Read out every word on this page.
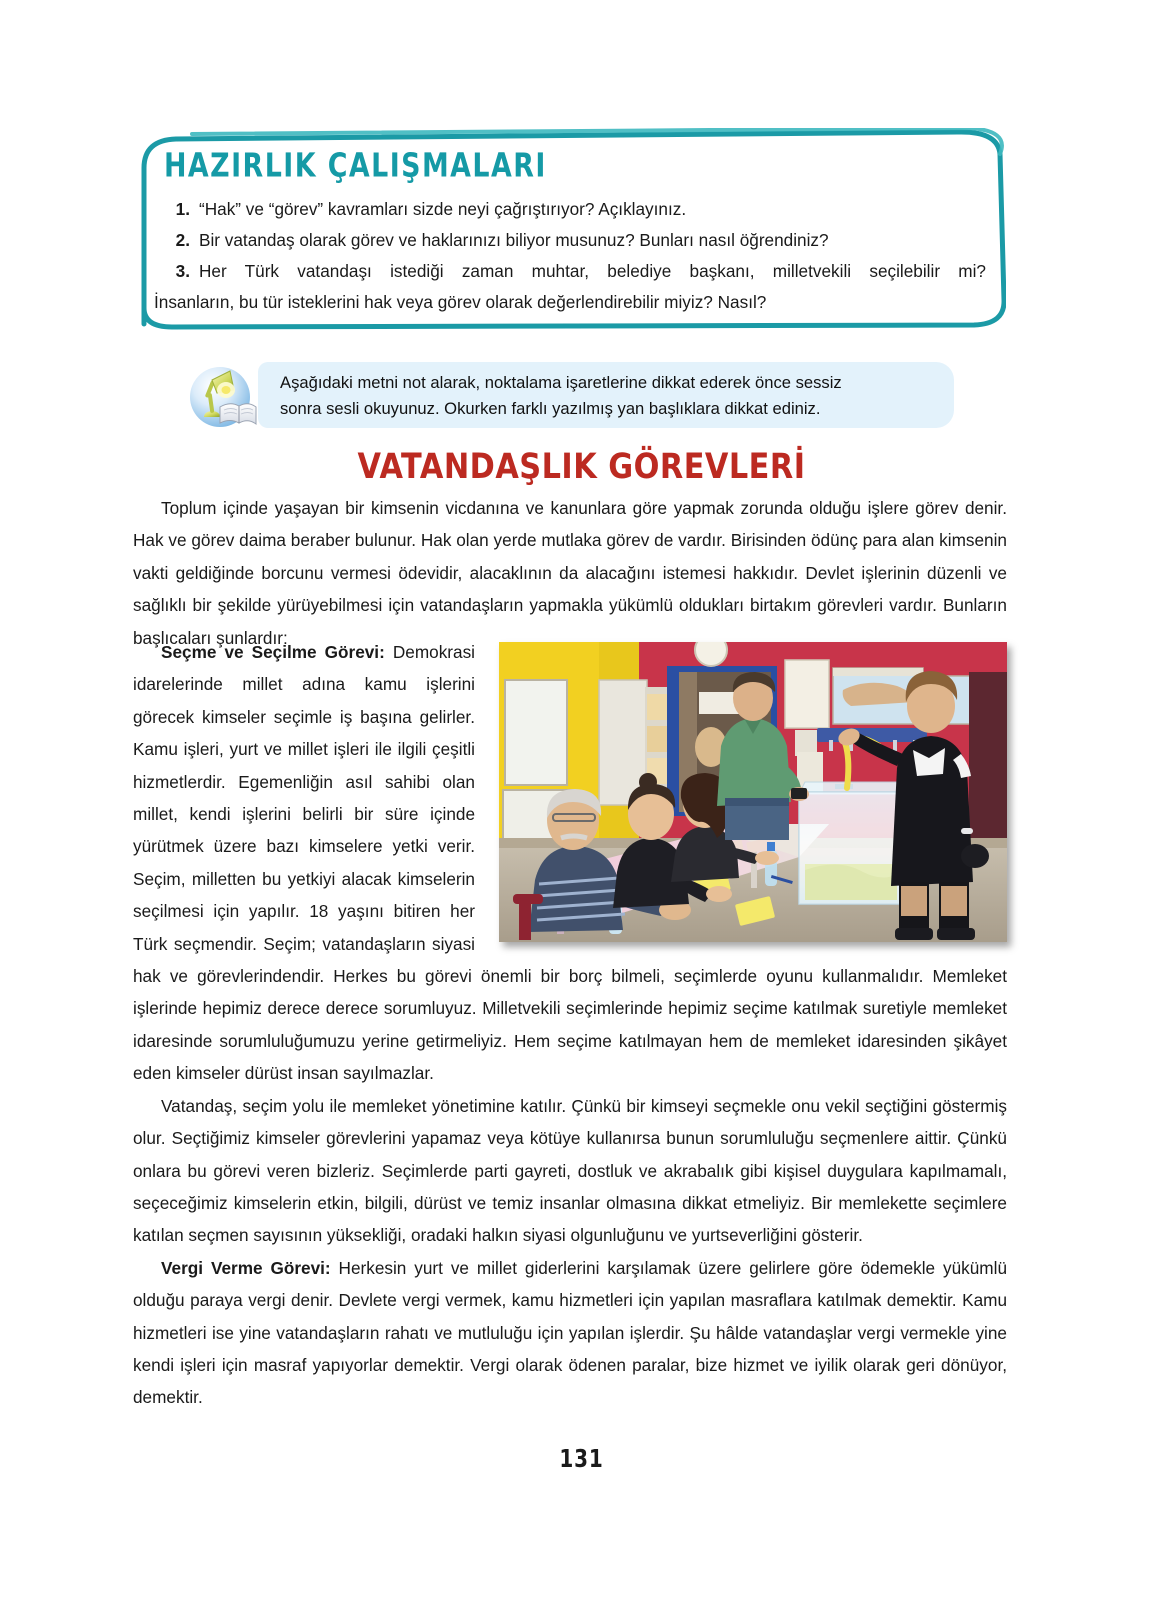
HAZIRLIK ÇALIŞMALARI
1. “Hak” ve “görev” kavramları sizde neyi çağrıştırıyor? Açıklayınız.
2. Bir vatandaş olarak görev ve haklarınızı biliyor musunuz? Bunları nasıl öğrendiniz?
3. Her Türk vatandaşı istediği zaman muhtar, belediye başkanı, milletvekili seçilebilir mi?
İnsanların, bu tür isteklerini hak veya görev olarak değerlendirebilir miyiz? Nasıl?
Aşağıdaki metni not alarak, noktalama işaretlerine dikkat ederek önce sessiz
sonra sesli okuyunuz. Okurken farklı yazılmış yan başlıklara dikkat ediniz.
VATANDAŞLIK GÖREVLERİ

Toplum içinde yaşayan bir kimsenin vicdanına ve kanunlara göre yapmak zorunda olduğu işlere görev denir. Hak ve görev daima beraber bulunur. Hak olan yerde mutlaka görev de vardır. Birisinden ödünç para alan kimsenin vakti geldiğinde borcunu vermesi ödevidir, alacaklının da alacağını istemesi hakkıdır. Devlet işlerinin düzenli ve sağlıklı bir şekilde yürüyebilmesi için vatandaşların yapmakla yükümlü oldukları birtakım görevleri vardır. Bunların başlıcaları şunlardır:

Seçme ve Seçilme Görevi: Demokrasi idarelerinde millet adına kamu işlerini görecek kimseler seçimle iş başına gelirler. Kamu işleri, yurt ve millet işleri ile ilgili çeşitli hizmetlerdir. Egemenliğin asıl sahibi olan millet, kendi işlerini belirli bir süre içinde yürütmek üzere bazı kimselere yetki verir. Seçim, milletten bu yetkiyi alacak kimselerin seçilmesi için yapılır. 18 yaşını bitiren her Türk seçmendir. Seçim; vatandaşların siyasi hak ve görevlerindendir. Herkes bu görevi önemli bir borç bilmeli, seçimlerde oyunu kullanmalıdır. Memleket işlerinde hepimiz derece derece sorumluyuz. Milletvekili seçimlerinde hepimiz seçime katılmak suretiyle memleket idaresinde sorumluluğumuzu yerine getirmeliyiz. Hem seçime katılmayan hem de memleket idaresinden şikâyet eden kimseler dürüst insan sayılmazlar.

Vatandaş, seçim yolu ile memleket yönetimine katılır. Çünkü bir kimseyi seçmekle onu vekil seçtiğini göstermiş olur. Seçtiğimiz kimseler görevlerini yapamaz veya kötüye kullanırsa bunun sorumluluğu seçmenlere aittir. Çünkü onlara bu görevi veren bizleriz. Seçimlerde parti gayreti, dostluk ve akrabalık gibi kişisel duygulara kapılmamalı, seçeceğimiz kimselerin etkin, bilgili, dürüst ve temiz insanlar olmasına dikkat etmeliyiz. Bir memlekette seçimlere katılan seçmen sayısının yüksekliği, oradaki halkın siyasi olgunluğunu ve yurtseverliğini gösterir.

Vergi Verme Görevi: Herkesin yurt ve millet giderlerini karşılamak üzere gelirlere göre ödemekle yükümlü olduğu paraya vergi denir. Devlete vergi vermek, kamu hizmetleri için yapılan masraflara katılmak demektir. Kamu hizmetleri ise yine vatandaşların rahatı ve mutluluğu için yapılan işlerdir. Şu hâlde vatandaşlar vergi vermekle yine kendi işleri için masraf yapıyorlar demektir. Vergi olarak ödenen paralar, bize hizmet ve iyilik olarak geri dönüyor, demektir.

131
